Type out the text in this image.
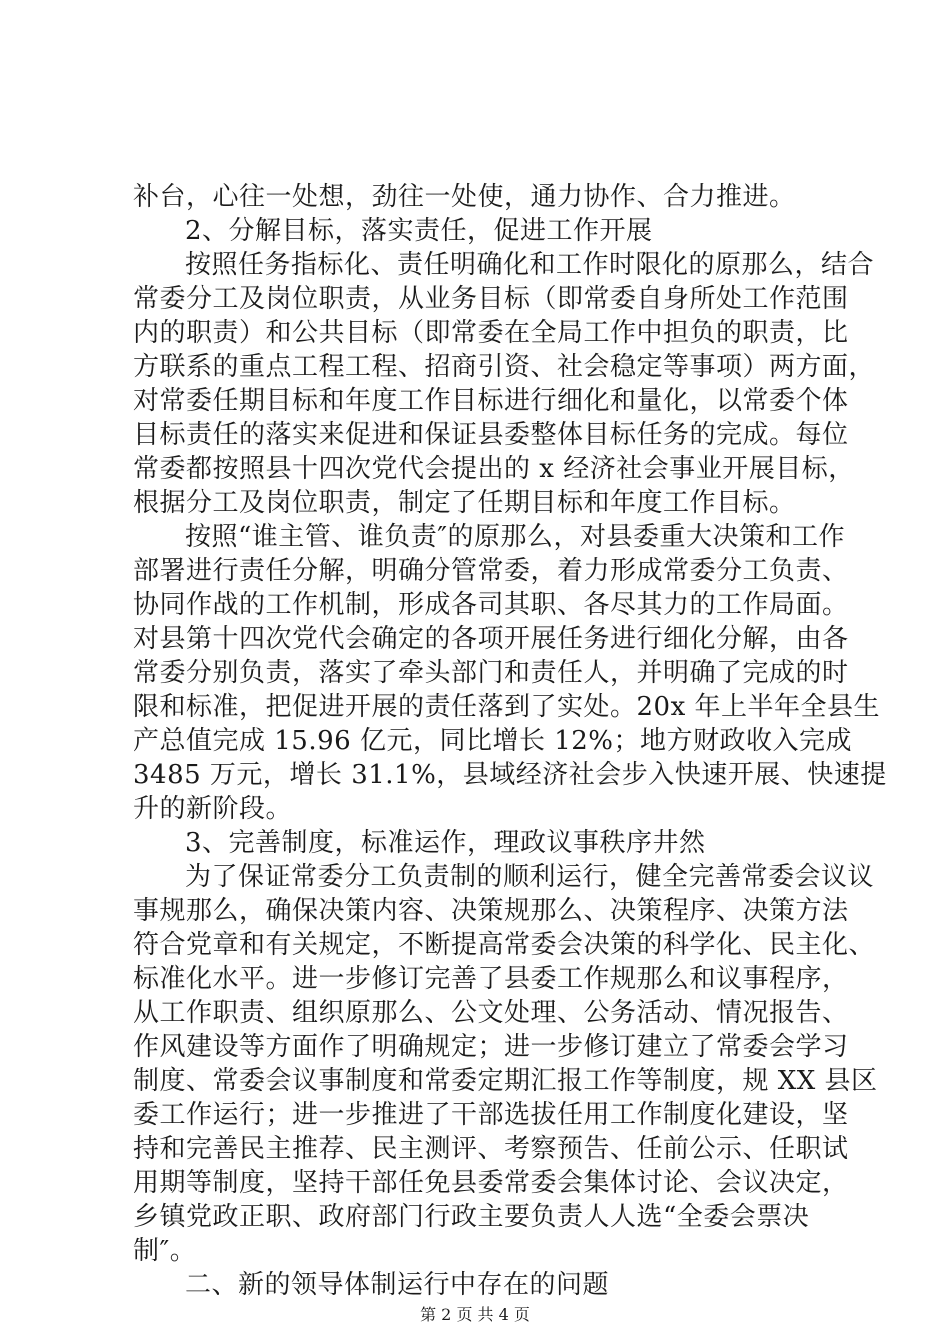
补台，心往一处想，劲往一处使，通力协作、合力推进。
2、分解目标，落实责任，促进工作开展
按照任务指标化、责任明确化和工作时限化的原那么，结合
常委分工及岗位职责，从业务目标（即常委自身所处工作范围
内的职责）和公共目标（即常委在全局工作中担负的职责，比
方联系的重点工程工程、招商引资、社会稳定等事项）两方面，
对常委任期目标和年度工作目标进行细化和量化，以常委个体
目标责任的落实来促进和保证县委整体目标任务的完成。每位
常委都按照县十四次党代会提出的 x 经济社会事业开展目标，
根据分工及岗位职责，制定了任期目标和年度工作目标。
按照“谁主管、谁负责″的原那么，对县委重大决策和工作
部署进行责任分解，明确分管常委，着力形成常委分工负责、
协同作战的工作机制，形成各司其职、各尽其力的工作局面。
对县第十四次党代会确定的各项开展任务进行细化分解，由各
常委分别负责，落实了牵头部门和责任人，并明确了完成的时
限和标准，把促进开展的责任落到了实处。20x 年上半年全县生
产总值完成 15.96 亿元，同比增长 12%；地方财政收入完成
3485 万元，增长 31.1%，县域经济社会步入快速开展、快速提
升的新阶段。
3、完善制度，标准运作，理政议事秩序井然
为了保证常委分工负责制的顺利运行，健全完善常委会议议
事规那么，确保决策内容、决策规那么、决策程序、决策方法
符合党章和有关规定，不断提高常委会决策的科学化、民主化、
标准化水平。进一步修订完善了县委工作规那么和议事程序，
从工作职责、组织原那么、公文处理、公务活动、情况报告、
作风建设等方面作了明确规定；进一步修订建立了常委会学习
制度、常委会议事制度和常委定期汇报工作等制度，规 XX 县区
委工作运行；进一步推进了干部选拔任用工作制度化建设，坚
持和完善民主推荐、民主测评、考察预告、任前公示、任职试
用期等制度，坚持干部任免县委常委会集体讨论、会议决定，
乡镇党政正职、政府部门行政主要负责人人选“全委会票决
制″。
二、新的领导体制运行中存在的问题
第 2 页 共 4 页
